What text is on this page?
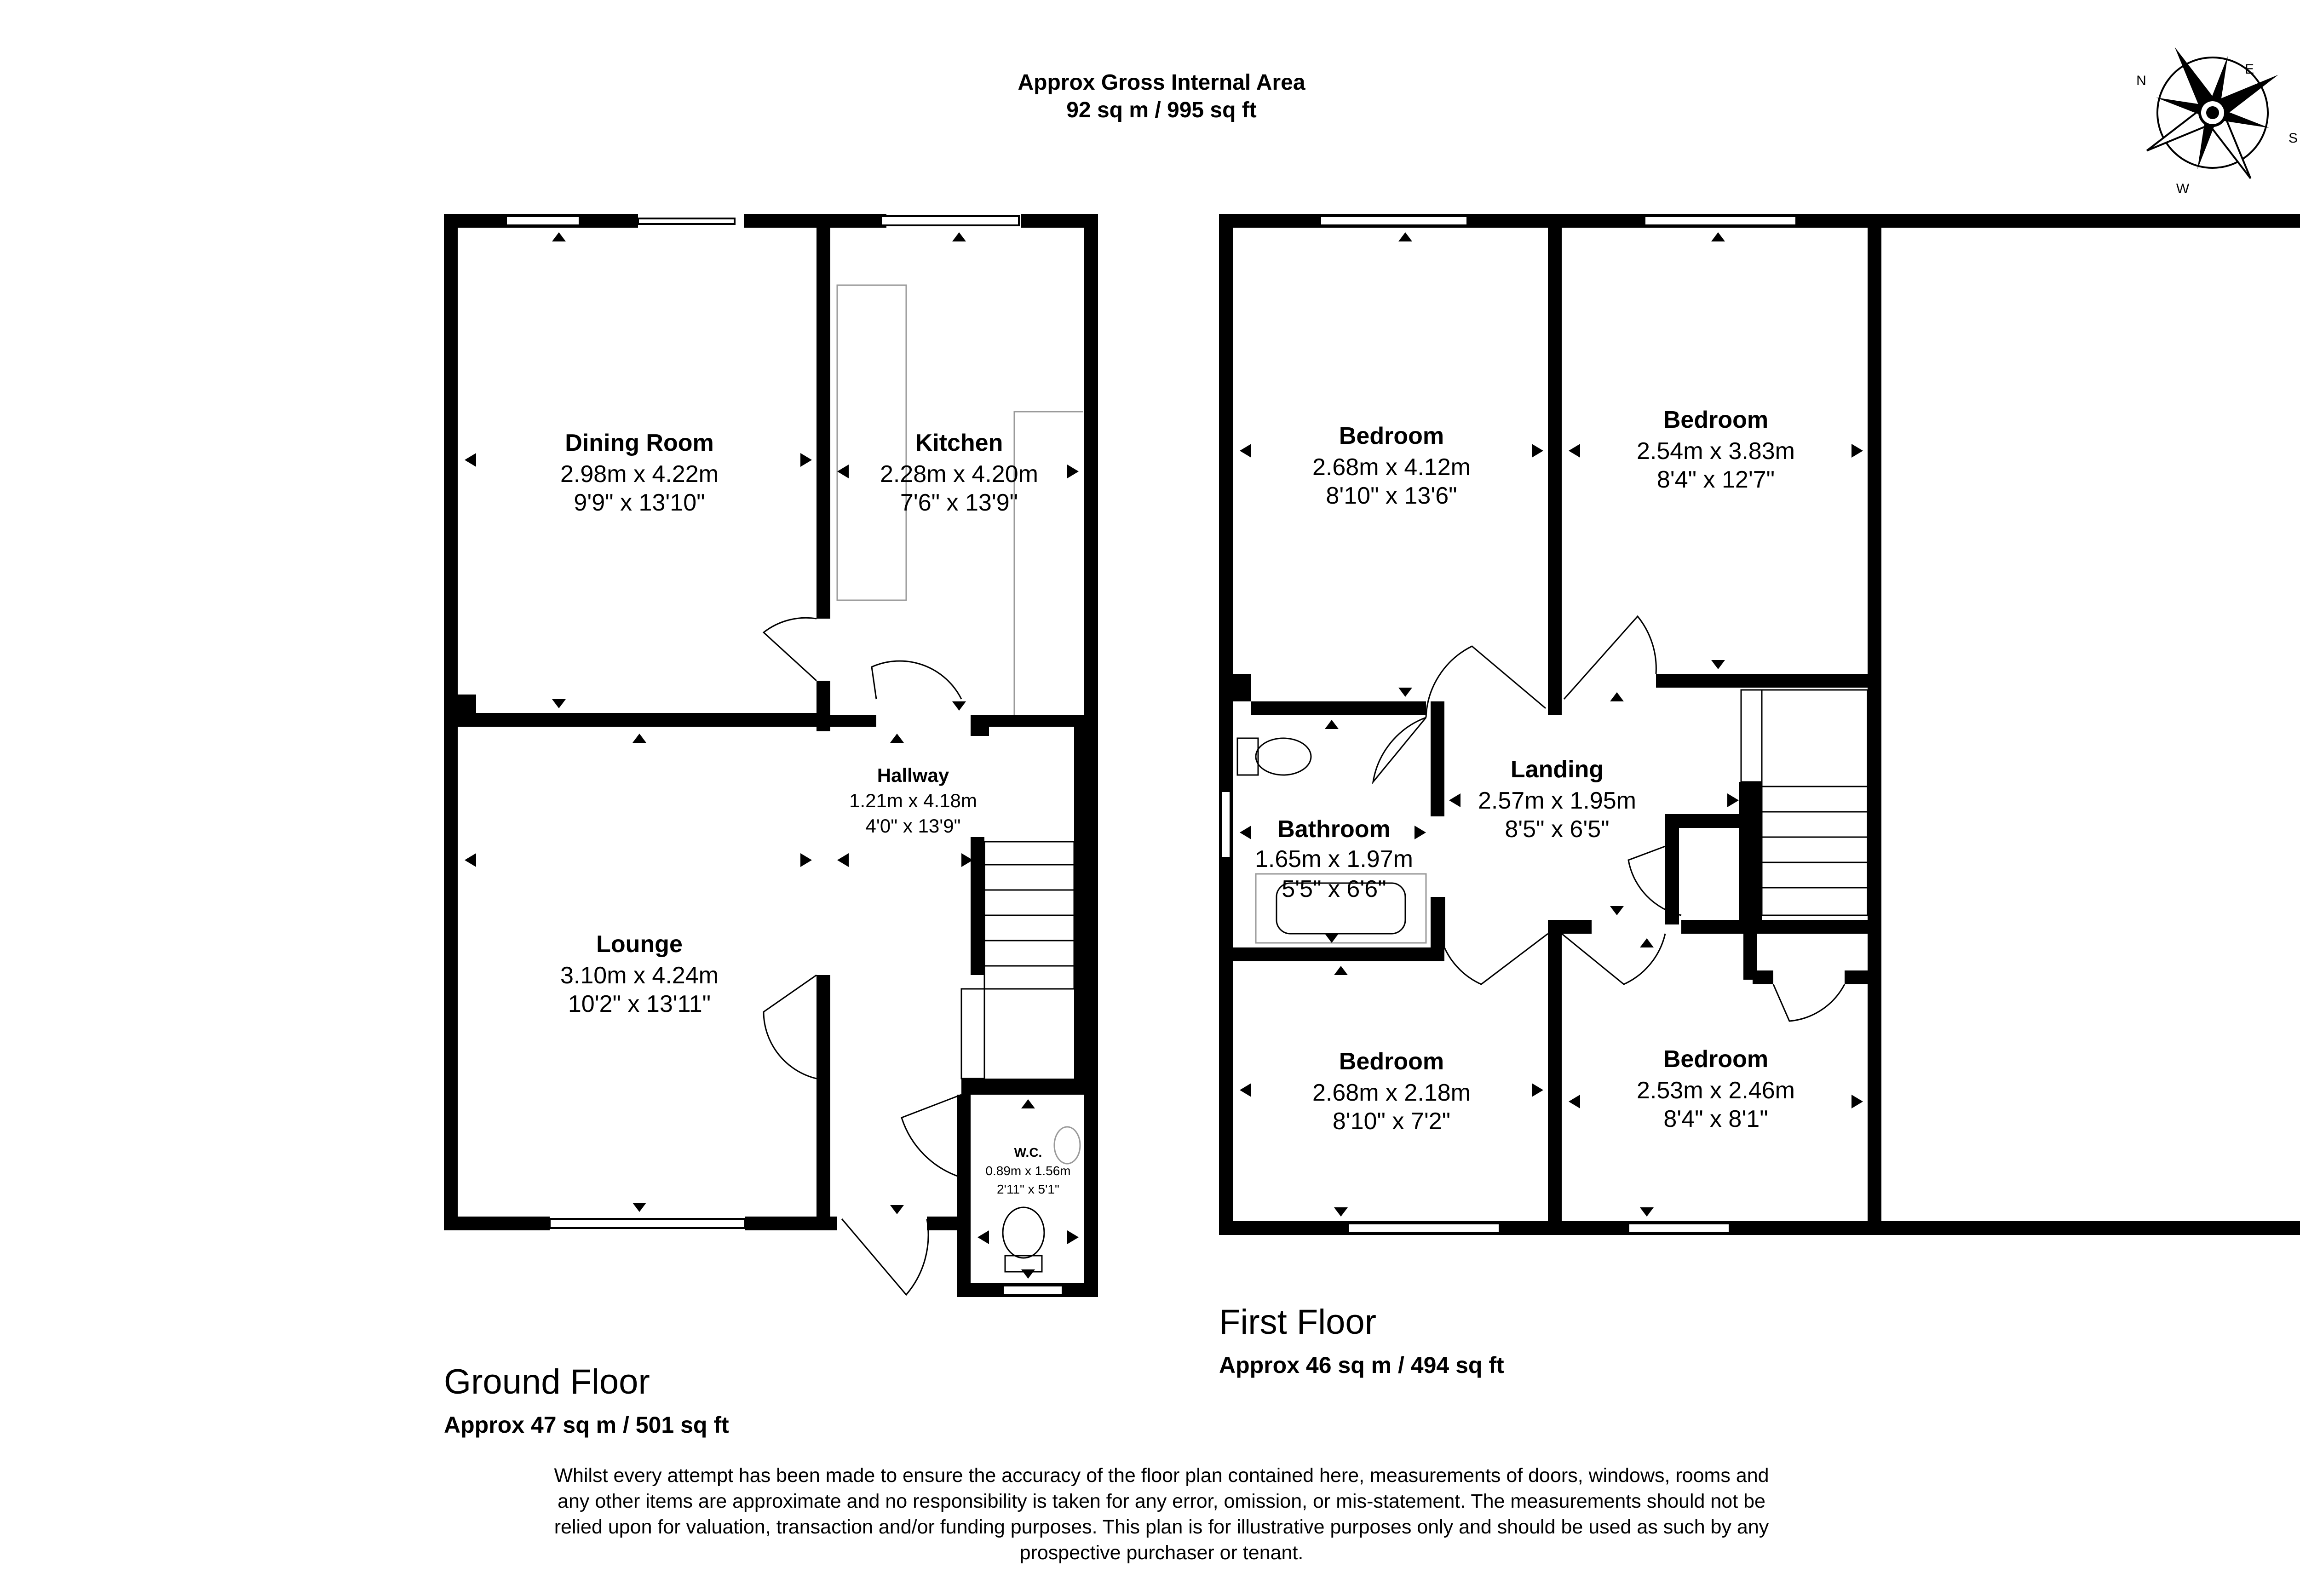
Approx Gross Internal Area
92 sq m / 995 sq ft
N
E
S
W
Dining Room
2.98m x 4.22m
9'9" x 13'10"
Kitchen
2.28m x 4.20m
7'6" x 13'9"
Hallway
1.21m x 4.18m
4'0" x 13'9"
Lounge
3.10m x 4.24m
10'2" x 13'11"
W.C.
0.89m x 1.56m
2'11" x 5'1"
Ground Floor
Approx 47 sq m / 501 sq ft
Bedroom
2.68m x 4.12m
8'10" x 13'6"
Bedroom
2.54m x 3.83m
8'4" x 12'7"
Landing
2.57m x 1.95m
8'5" x 6'5"
Bathroom
1.65m x 1.97m
5'5" x 6'6"
Bedroom
2.68m x 2.18m
8'10" x 7'2"
Bedroom
2.53m x 2.46m
8'4" x 8'1"
First Floor
Approx 46 sq m / 494 sq ft
Whilst every attempt has been made to ensure the accuracy of the floor plan contained here, measurements of doors, windows, rooms and
any other items are approximate and no responsibility is taken for any error, omission, or mis-statement. The measurements should not be
relied upon for valuation, transaction and/or funding purposes. This plan is for illustrative purposes only and should be used as such by any
prospective purchaser or tenant.
